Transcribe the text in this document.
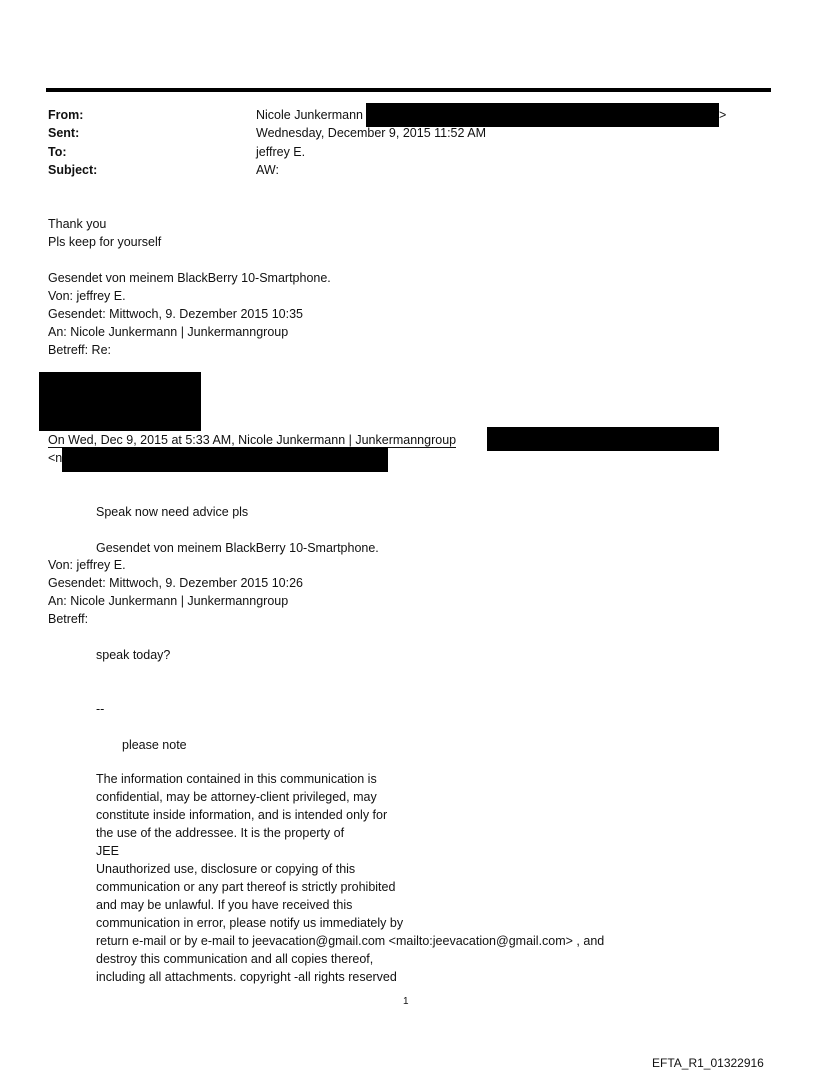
From:	Nicole Junkermann	>
Sent:	Wednesday, December 9, 2015 11:52 AM
To:	jeffrey E.
Subject:	AW:
Thank you
Pls keep for yourself
Gesendet von meinem BlackBerry 10-Smartphone.
Von: jeffrey E.
Gesendet: Mittwoch, 9. Dezember 2015 10:35
An: Nicole Junkermann | Junkermanngroup
Betreff: Re:
On Wed, Dec 9, 2015 at 5:33 AM, Nicole Junkermann | Junkermanngroup
<n
Speak now need advice pls
Gesendet von meinem BlackBerry 10-Smartphone.
Von: jeffrey E.
Gesendet: Mittwoch, 9. Dezember 2015 10:26
An: Nicole Junkermann | Junkermanngroup
Betreff:
speak today?
--
please note
The information contained in this communication is
confidential, may be attorney-client privileged, may
constitute inside information, and is intended only for
the use of the addressee. It is the property of
JEE
Unauthorized use, disclosure or copying of this
communication or any part thereof is strictly prohibited
and may be unlawful. If you have received this
communication in error, please notify us immediately by
return e-mail or by e-mail to jeevacation@gmail.com <mailto:jeevacation@gmail.com> , and
destroy this communication and all copies thereof,
including all attachments. copyright -all rights reserved
1
EFTA_R1_01322916
